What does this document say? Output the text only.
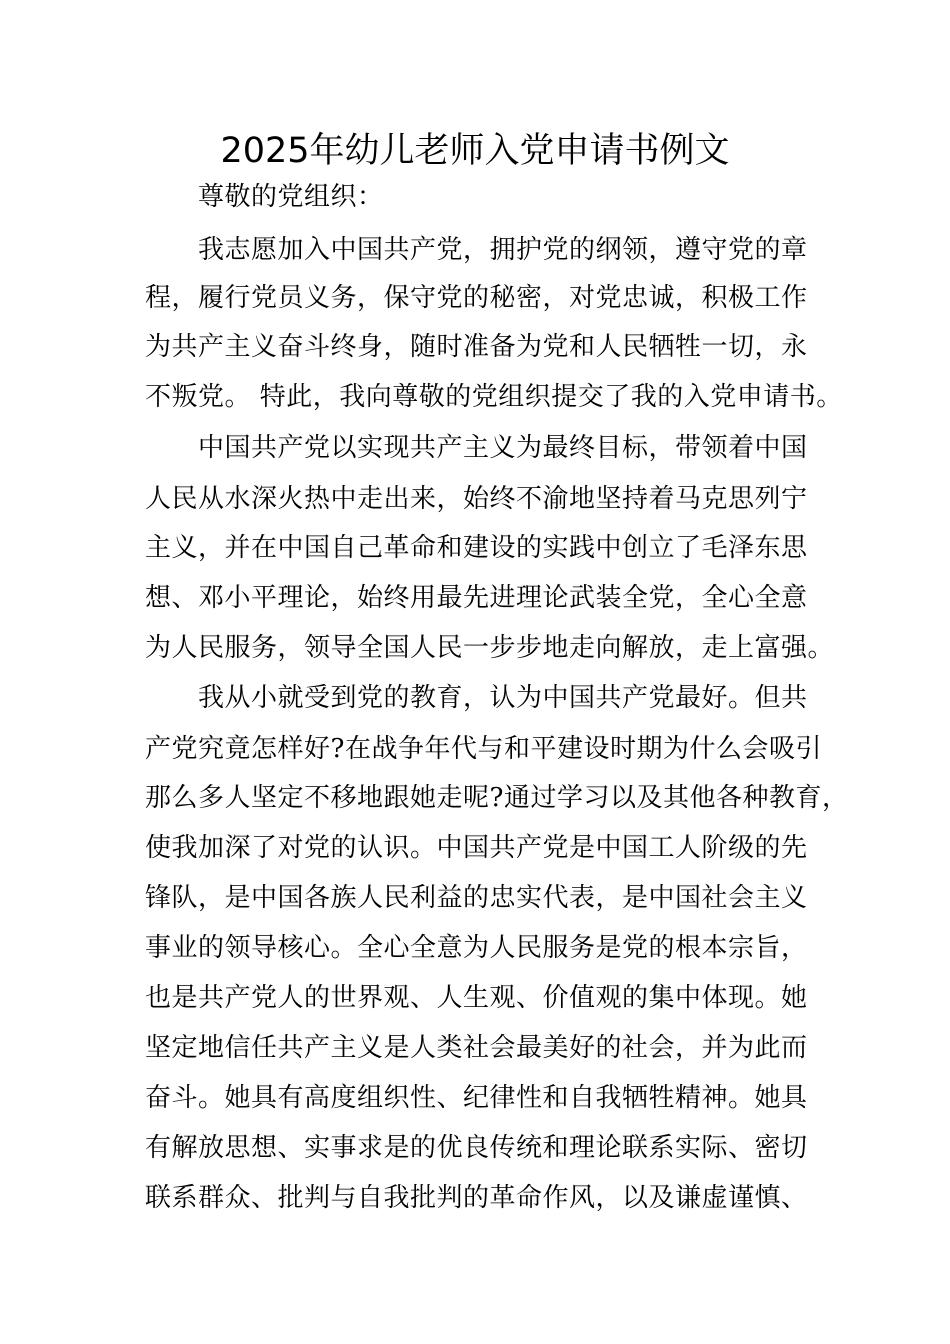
2025年幼儿老师入党申请书例文
　　尊敬的党组织：
　　我志愿加入中国共产党，拥护党的纲领，遵守党的章
程，履行党员义务，保守党的秘密，对党忠诚，积极工作
为共产主义奋斗终身，随时准备为党和人民牺牲一切，永
不叛党。 特此，我向尊敬的党组织提交了我的入党申请书。
　　中国共产党以实现共产主义为最终目标，带领着中国
人民从水深火热中走出来，始终不渝地坚持着马克思列宁
主义，并在中国自己革命和建设的实践中创立了毛泽东思
想、邓小平理论，始终用最先进理论武装全党，全心全意
为人民服务，领导全国人民一步步地走向解放，走上富强。
　　我从小就受到党的教育，认为中国共产党最好。但共
产党究竟怎样好?在战争年代与和平建设时期为什么会吸引
那么多人坚定不移地跟她走呢?通过学习以及其他各种教育，
使我加深了对党的认识。中国共产党是中国工人阶级的先
锋队，是中国各族人民利益的忠实代表，是中国社会主义
事业的领导核心。全心全意为人民服务是党的根本宗旨，
也是共产党人的世界观、人生观、价值观的集中体现。她
坚定地信任共产主义是人类社会最美好的社会，并为此而
奋斗。她具有高度组织性、纪律性和自我牺牲精神。她具
有解放思想、实事求是的优良传统和理论联系实际、密切
联系群众、批判与自我批判的革命作风，以及谦虚谨慎、
